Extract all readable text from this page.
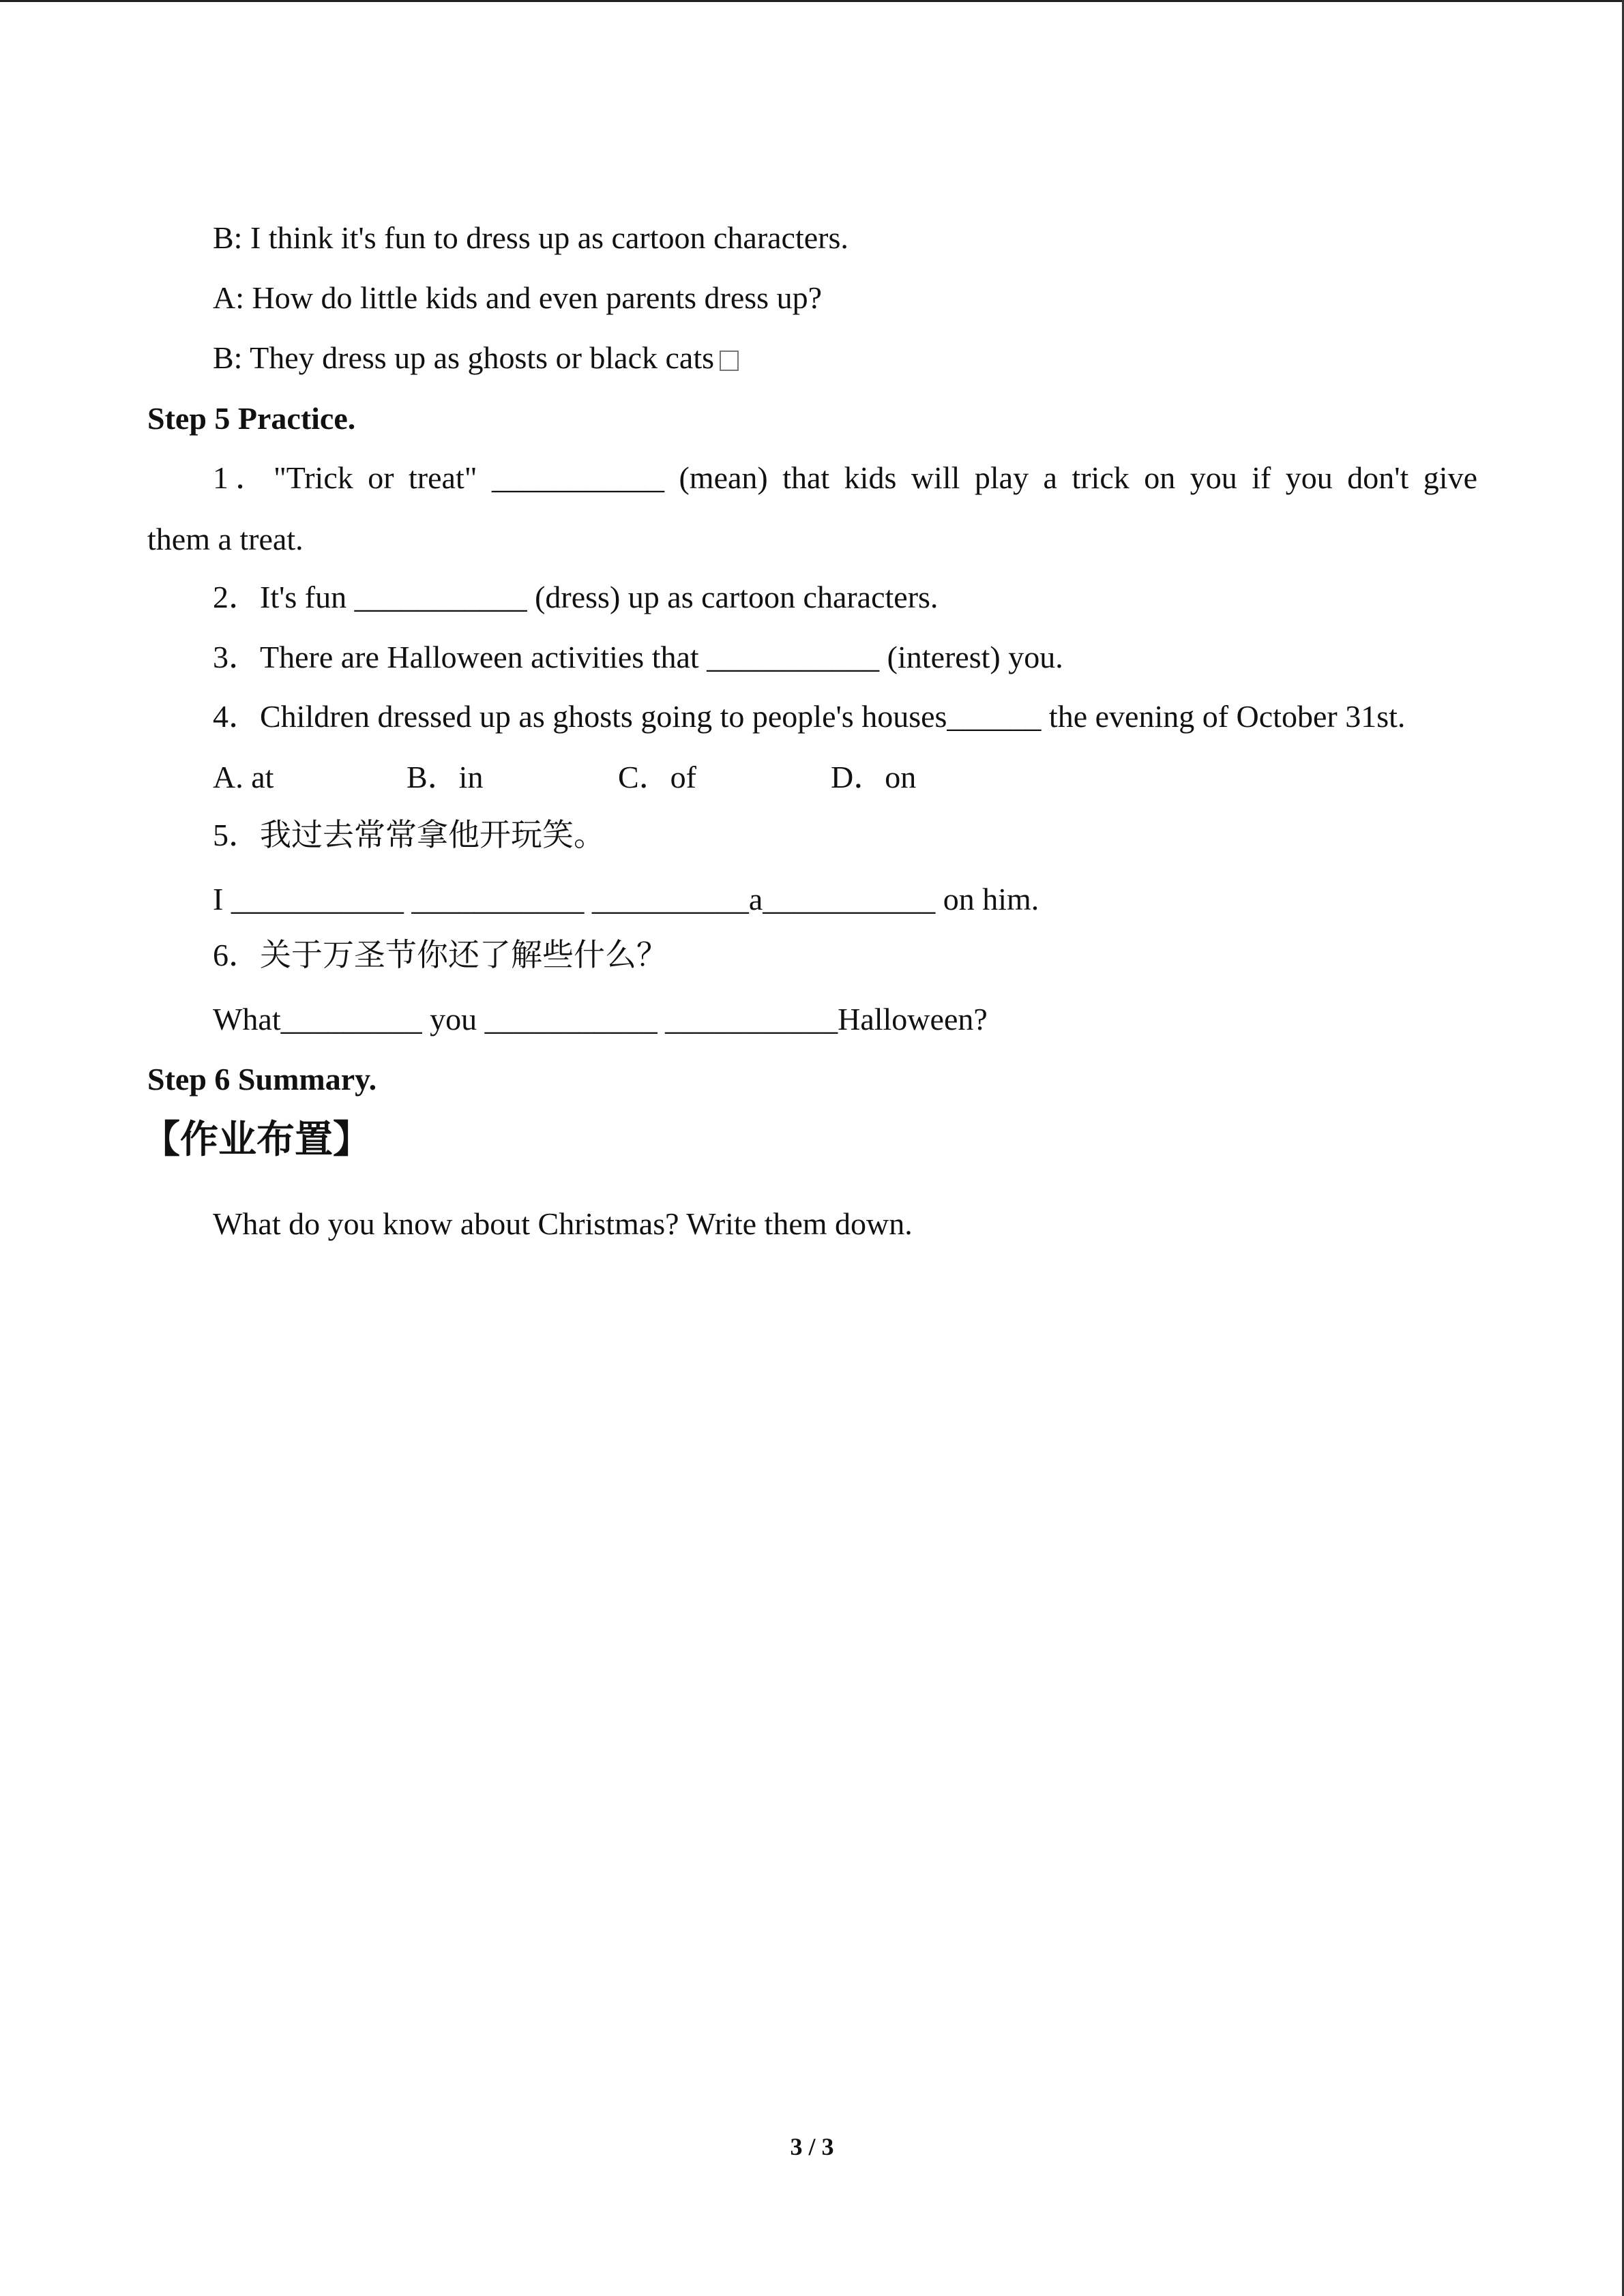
B: I think it's fun to dress up as cartoon characters.
A: How do little kids and even parents dress up?
B: They dress up as ghosts or black cats
Step 5 Practice.
1．"Trick or treat" ___________ (mean) that kids will play a trick on you if you don't give
them a treat.
2．It's fun ___________ (dress) up as cartoon characters.
3．There are Halloween activities that ___________ (interest) you.
4．Children dressed up as ghosts going to people's houses______ the evening of October 31st.
A. at	B．in	C．of	D．on
5．我过去常常拿他开玩笑。
I ___________ ___________ __________a___________ on him.
6．关于万圣节你还了解些什么？
What_________ you ___________ ___________Halloween?
Step 6 Summary.
【作业布置】
What do you know about Christmas? Write them down.
3 / 3
